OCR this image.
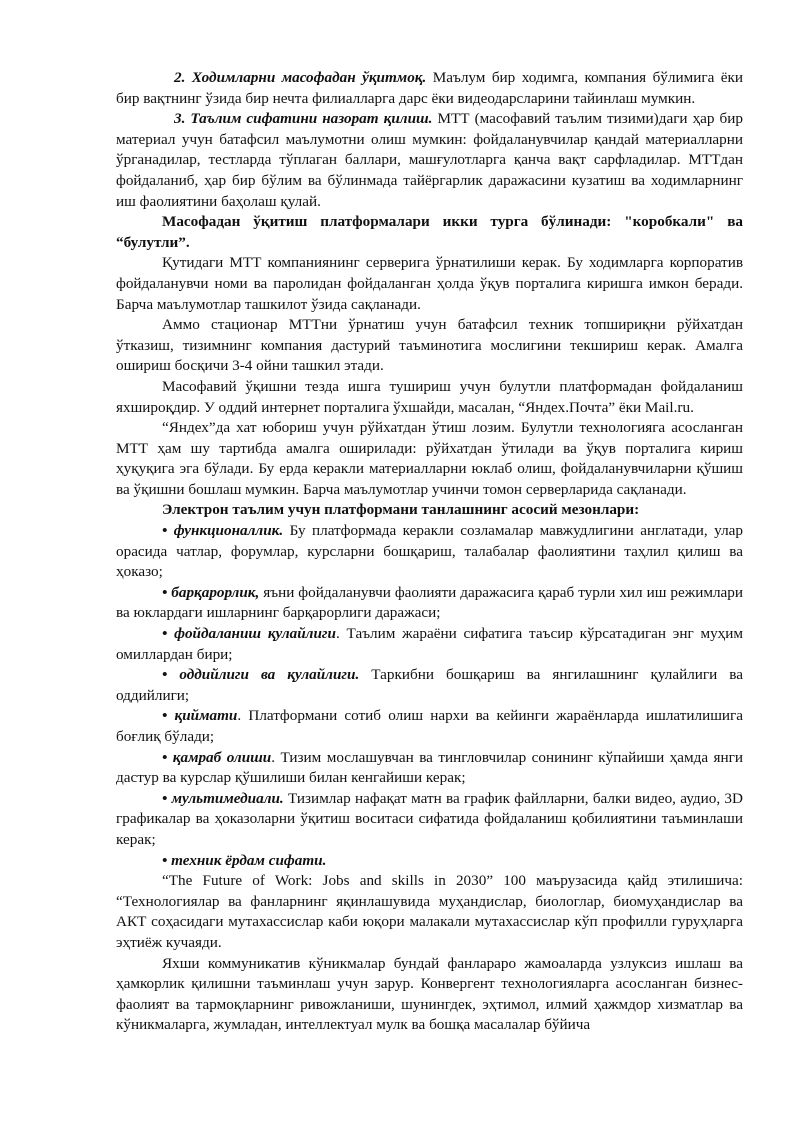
2. Ходимларни масофадан ўқитмоқ. Маълум бир ходимга, компания бўлимига ёки бир вақтнинг ўзида бир нечта филиалларга дарс ёки видеодарсларини тайинлаш мумкин.

3. Таълим сифатини назорат қилиш. МТТ (масофавий таълим тизими)даги ҳар бир материал учун батафсил маълумотни олиш мумкин: фойдаланувчилар қандай материалларни ўрганадилар, тестларда тўплаган баллари, машғулотларга қанча вақт сарфладилар. МТТдан фойдаланиб, ҳар бир бўлим ва бўлинмада тайёргарлик даражасини кузатиш ва ходимларнинг иш фаолиятини баҳолаш қулай.

Масофадан ўқитиш платформалари икки турга бўлинади: "коробкали" ва “булутли”.

Қутидаги МТТ компаниянинг серверига ўрнатилиши керак. Бу ходимларга корпоратив фойдаланувчи номи ва паролидан фойдаланган ҳолда ўқув порталига киришга имкон беради. Барча маълумотлар ташкилот ўзида сақланади.

Аммо стационар МТТни ўрнатиш учун батафсил техник топшириқни рўйхатдан ўтказиш, тизимнинг компания дастурий таъминотига мослигини текшириш керак. Амалга ошириш босқичи 3-4 ойни ташкил этади.

Масофавий ўқишни тезда ишга тушириш учун булутли платформадан фойдаланиш яхшироқдир. У оддий интернет порталига ўхшайди, масалан, “Яндех.Почта” ёки Mail.ru.

“Яндех”да хат юбориш учун рўйхатдан ўтиш лозим. Булутли технологияга асосланган МТТ ҳам шу тартибда амалга оширилади: рўйхатдан ўтилади ва ўқув порталига кириш ҳуқуқига эга бўлади. Бу ерда керакли материалларни юклаб олиш, фойдаланувчиларни қўшиш ва ўқишни бошлаш мумкин. Барча маълумотлар учинчи томон серверларида сақланади.

Электрон таълим учун платформани танлашнинг асосий мезонлари:

• функционаллик. Бу платформада керакли созламалар мавжудлигини англатади, улар орасида чатлар, форумлар, курсларни бошқариш, талабалар фаолиятини таҳлил қилиш ва ҳоказо;

• барқарорлик, яъни фойдаланувчи фаолияти даражасига қараб турли хил иш режимлари ва юклардаги ишларнинг барқарорлиги даражаси;

• фойдаланиш қулайлиги. Таълим жараёни сифатига таъсир кўрсатадиган энг муҳим омиллардан бири;

• оддийлиги ва қулайлиги. Таркибни бошқариш ва янгилашнинг қулайлиги ва оддийлиги;

• қиймати. Платформани сотиб олиш нархи ва кейинги жараёнларда ишлатилишига боғлиқ бўлади;

• қамраб олиши. Тизим мослашувчан ва тингловчилар сонининг кўпайиши ҳамда янги дастур ва курслар қўшилиши билан кенгайиши керак;

• мультимедиали. Тизимлар нафақат матн ва график файлларни, балки видео, аудио, 3D графикалар ва ҳоказоларни ўқитиш воситаси сифатида фойдаланиш қобилиятини таъминлаши керак;

• техник ёрдам сифати.

“The Future of Work: Jobs and skills in 2030” 100 маърузасида қайд этилишича: “Технологиялар ва фанларнинг яқинлашувида муҳандислар, биологлар, биомуҳандислар ва АКТ соҳасидаги мутахассислар каби юқори малакали мутахассислар кўп профилли гуруҳларга эҳтиёж кучаяди.

Яхши коммуникатив кўникмалар бундай фанлараро жамоаларда узлуксиз ишлаш ва ҳамкорлик қилишни таъминлаш учун зарур. Конвергент технологияларга асосланган бизнес-фаолият ва тармоқларнинг ривожланиши, шунингдек, эҳтимол, илмий ҳажмдор хизматлар ва кўникмаларга, жумладан, интеллектуал мулк ва бошқа масалалар бўйича
